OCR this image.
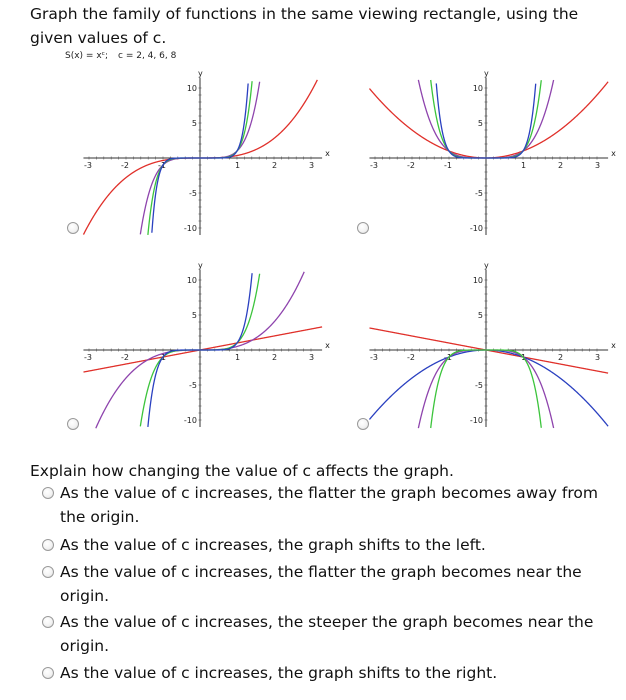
Graph the family of functions in the same viewing rectangle, using the given values of c.
S(x) = xᶜ; c = 2, 4, 6, 8
-3	-2	-1	1	2	3
10
5
-5
-10
x
y
-3	-2	-1	1	2	3
10
5
-5
-10
x
y
-3	-2	-1	1	2	3
10
5
-5
-10
x
y
-3	-2	-1	1	2	3
10
5
-5
-10
x
y
Explain how changing the value of c affects the graph.
As the value of c increases, the flatter the graph becomes away from the origin.
As the value of c increases, the graph shifts to the left.
As the value of c increases, the flatter the graph becomes near the origin.
As the value of c increases, the steeper the graph becomes near the origin.
As the value of c increases, the graph shifts to the right.
